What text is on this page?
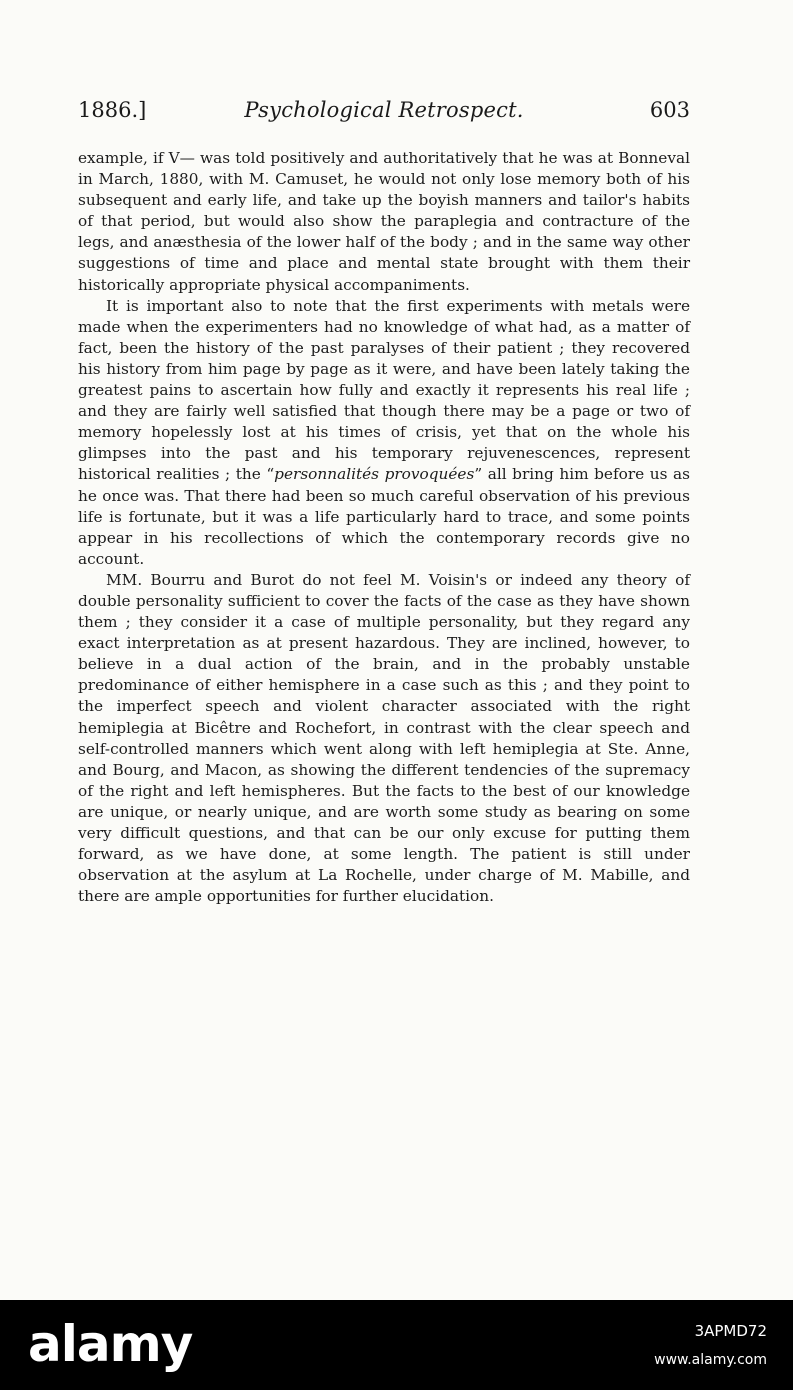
1886.]	Psychological Retrospect.	603

example, if V— was told positively and authoritatively that he was at Bonneval in March, 1880, with M. Camuset, he would not only lose memory both of his subsequent and early life, and take up the boyish manners and tailor's habits of that period, but would also show the paraplegia and contracture of the legs, and anæsthesia of the lower half of the body ; and in the same way other suggestions of time and place and mental state brought with them their historically appropriate physical accompaniments.

It is important also to note that the first experiments with metals were made when the experimenters had no knowledge of what had, as a matter of fact, been the history of the past paralyses of their patient ; they recovered his history from him page by page as it were, and have been lately taking the greatest pains to ascertain how fully and exactly it represents his real life ; and they are fairly well satisfied that though there may be a page or two of memory hopelessly lost at his times of crisis, yet that on the whole his glimpses into the past and his temporary rejuvenescences, represent historical realities ; the “personnalités provoquées” all bring him before us as he once was. That there had been so much careful observation of his previous life is fortunate, but it was a life particularly hard to trace, and some points appear in his recollections of which the contemporary records give no account.

MM. Bourru and Burot do not feel M. Voisin's or indeed any theory of double personality sufficient to cover the facts of the case as they have shown them ; they consider it a case of multiple personality, but they regard any exact interpretation as at present hazardous. They are inclined, however, to believe in a dual action of the brain, and in the probably unstable predominance of either hemisphere in a case such as this ; and they point to the imperfect speech and violent character associated with the right hemiplegia at Bicêtre and Rochefort, in contrast with the clear speech and self-controlled manners which went along with left hemiplegia at Ste. Anne, and Bourg, and Macon, as showing the different tendencies of the supremacy of the right and left hemispheres. But the facts to the best of our knowledge are unique, or nearly unique, and are worth some study as bearing on some very difficult questions, and that can be our only excuse for putting them forward, as we have done, at some length. The patient is still under observation at the asylum at La Rochelle, under charge of M. Mabille, and there are ample opportunities for further elucidation.

alamy	3APMD72
www.alamy.com
